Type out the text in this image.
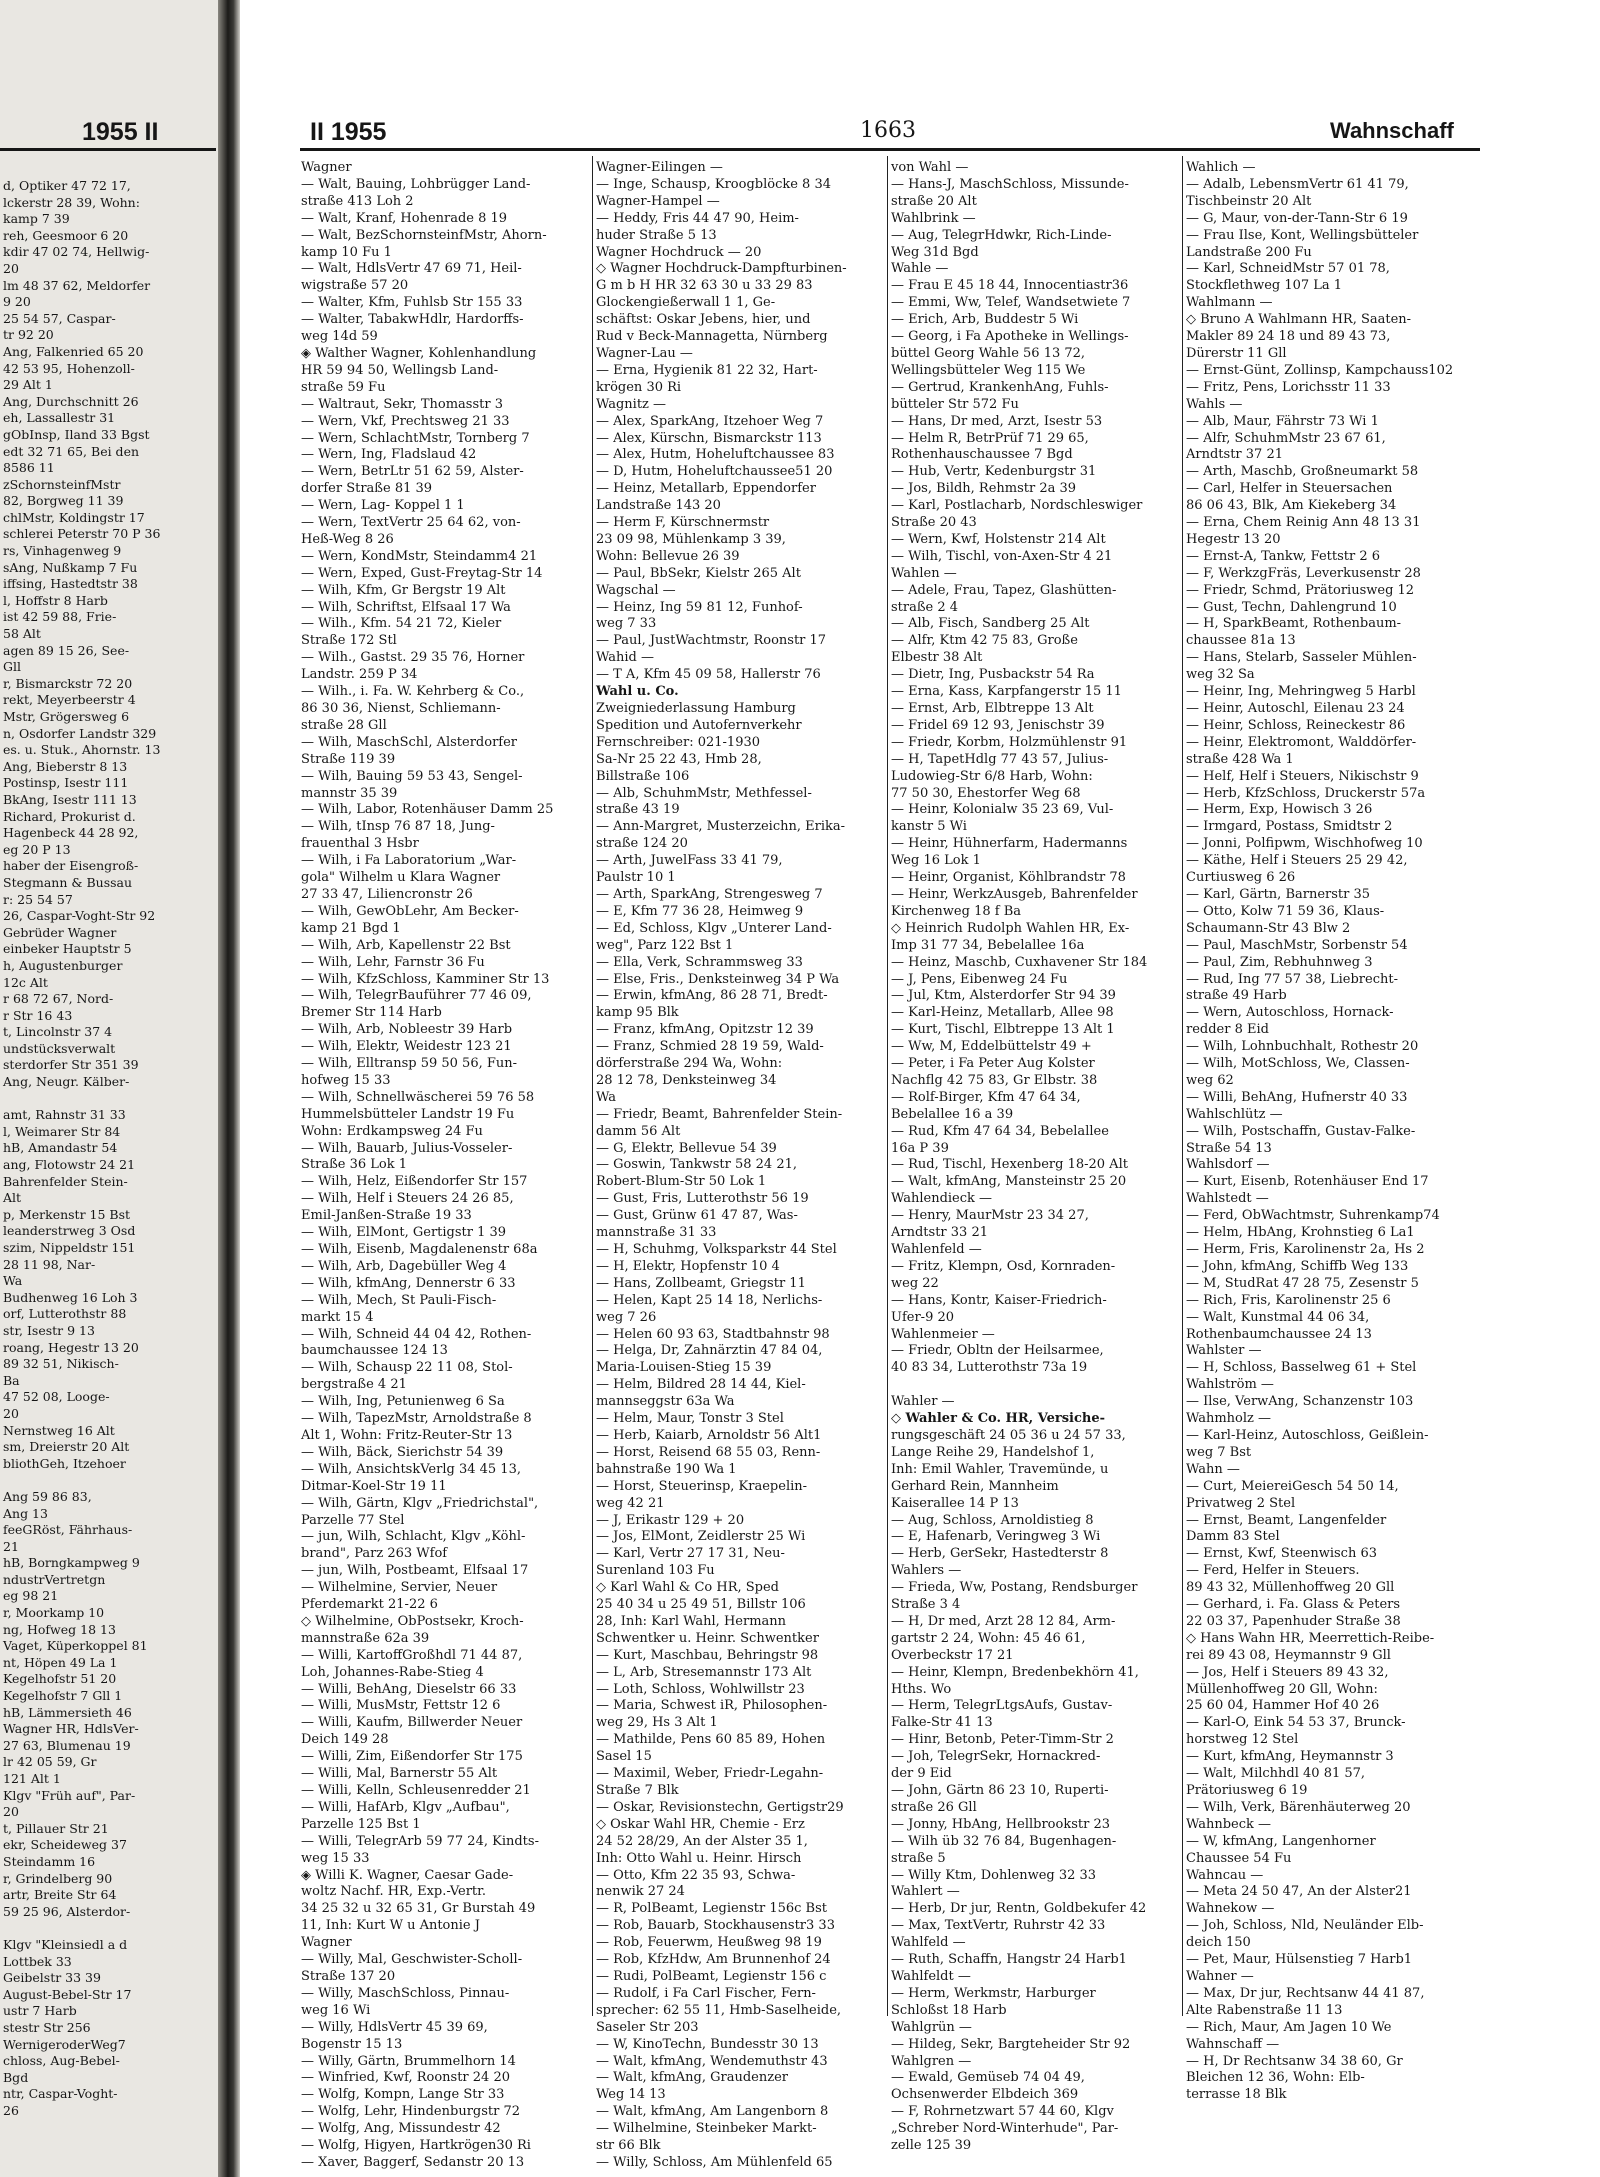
1955 II
d, Optiker 47 72 17,
lckerstr 28 39, Wohn:
kamp 7 39
reh, Geesmoor 6 20
kdir 47 02 74, Hellwig-
20
lm 48 37 62, Meldorfer
9 20
25 54 57, Caspar-
tr 92 20
Ang, Falkenried 65 20
42 53 95, Hohenzoll-
29 Alt 1
Ang, Durchschnitt 26
eh, Lassallestr 31
gObInsp, Iland 33 Bgst
edt 32 71 65, Bei den
8586 11
zSchornsteinfMstr
82, Borgweg 11 39
chlMstr, Koldingstr 17
schlerei Peterstr 70 P 36
rs, Vinhagenweg 9
sAng, Nußkamp 7 Fu
iffsing, Hastedtstr 38
l, Hoffstr 8 Harb
ist 42 59 88, Frie-
58 Alt
agen 89 15 26, See-
Gll
r, Bismarckstr 72 20
rekt, Meyerbeerstr 4
Mstr, Grögersweg 6
n, Osdorfer Landstr 329
es. u. Stuk., Ahornstr. 13
Ang, Bieberstr 8 13
Postinsp, Isestr 111
BkAng, Isestr 111 13
Richard, Prokurist d.
Hagenbeck 44 28 92,
eg 20 P 13
haber der Eisengroß-
Stegmann & Bussau
r: 25 54 57
26, Caspar-Voght-Str 92
Gebrüder Wagner
einbeker Hauptstr 5
h, Augustenburger
12c Alt
r 68 72 67, Nord-
r Str 16 43
t, Lincolnstr 37 4
undstücksverwalt
sterdorfer Str 351 39
Ang, Neugr. Kälber-

amt, Rahnstr 31 33
l, Weimarer Str 84
hB, Amandastr 54
ang, Flotowstr 24 21
Bahrenfelder Stein-
Alt
p, Merkenstr 15 Bst
leanderstrweg 3 Osd
szim, Nippeldstr 151
28 11 98, Nar-
Wa
Budhenweg 16 Loh 3
orf, Lutterothstr 88
str, Isestr 9 13
roang, Hegestr 13 20
89 32 51, Nikisch-
Ba
47 52 08, Looge-
20
Nernstweg 16 Alt
sm, Dreierstr 20 Alt
bliothGeh, Itzehoer

Ang 59 86 83,
Ang 13
feeGRöst, Fährhaus-
21
hB, Borngkampweg 9
ndustrVertretgn
eg 98 21
r, Moorkamp 10
ng, Hofweg 18 13
Vaget, Küperkoppel 81
nt, Höpen 49 La 1
Kegelhofstr 51 20
Kegelhofstr 7 Gll 1
hB, Lämmersieth 46
Wagner HR, HdlsVer-
27 63, Blumenau 19
lr 42 05 59, Gr
121 Alt 1
Klgv "Früh auf", Par-
20
t, Pillauer Str 21
ekr, Scheideweg 37
Steindamm 16
r, Grindelberg 90
artr, Breite Str 64
59 25 96, Alsterdor-

Klgv "Kleinsiedl a d
Lottbek 33
Geibelstr 33 39
August-Bebel-Str 17
ustr 7 Harb
stestr Str 256
WernigeroderWeg7
chloss, Aug-Bebel-
Bgd
ntr, Caspar-Voght-
26
II 1955	1663	Wahnschaff
Wagner
— Walt, Bauing, Lohbrügger Land-
straße 413 Loh 2
— Walt, Kranf, Hohenrade 8 19
— Walt, BezSchornsteinfMstr, Ahorn-
kamp 10 Fu 1
— Walt, HdlsVertr 47 69 71, Heil-
wigstraße 57 20
— Walter, Kfm, Fuhlsb Str 155 33
— Walter, TabakwHdlr, Hardorffs-
weg 14d 59
◈ Walther Wagner, Kohlenhandlung
HR 59 94 50, Wellingsb Land-
straße 59 Fu
— Waltraut, Sekr, Thomasstr 3
— Wern, Vkf, Prechtsweg 21 33
— Wern, SchlachtMstr, Tornberg 7
— Wern, Ing, Fladslaud 42
— Wern, BetrLtr 51 62 59, Alster-
dorfer Straße 81 39
— Wern, Lag- Koppel 1 1
— Wern, TextVertr 25 64 62, von-
Heß-Weg 8 26
— Wern, KondMstr, Steindamm4 21
— Wern, Exped, Gust-Freytag-Str 14
— Wilh, Kfm, Gr Bergstr 19 Alt
— Wilh, Schriftst, Elfsaal 17 Wa
— Wilh., Kfm. 54 21 72, Kieler
Straße 172 Stl
— Wilh., Gastst. 29 35 76, Horner
Landstr. 259 P 34
— Wilh., i. Fa. W. Kehrberg & Co.,
86 30 36, Nienst, Schliemann-
straße 28 Gll
— Wilh, MaschSchl, Alsterdorfer
Straße 119 39
— Wilh, Bauing 59 53 43, Sengel-
mannstr 35 39
— Wilh, Labor, Rotenhäuser Damm 25
— Wilh, tInsp 76 87 18, Jung-
frauenthal 3 Hsbr
— Wilh, i Fa Laboratorium „War-
gola" Wilhelm u Klara Wagner
27 33 47, Liliencronstr 26
— Wilh, GewObLehr, Am Becker-
kamp 21 Bgd 1
— Wilh, Arb, Kapellenstr 22 Bst
— Wilh, Lehr, Farnstr 36 Fu
— Wilh, KfzSchloss, Kamminer Str 13
— Wilh, TelegrBauführer 77 46 09,
Bremer Str 114 Harb
— Wilh, Arb, Nobleestr 39 Harb
— Wilh, Elektr, Weidestr 123 21
— Wilh, Elltransp 59 50 56, Fun-
hofweg 15 33
— Wilh, Schnellwäscherei 59 76 58
Hummelsbütteler Landstr 19 Fu
Wohn: Erdkampsweg 24 Fu
— Wilh, Bauarb, Julius-Vosseler-
Straße 36 Lok 1
— Wilh, Helz, Eißendorfer Str 157
— Wilh, Helf i Steuers 24 26 85,
Emil-Janßen-Straße 19 33
— Wilh, ElMont, Gertigstr 1 39
— Wilh, Eisenb, Magdalenenstr 68a
— Wilh, Arb, Dagebüller Weg 4
— Wilh, kfmAng, Dennerstr 6 33
— Wilh, Mech, St Pauli-Fisch-
markt 15 4
— Wilh, Schneid 44 04 42, Rothen-
baumchaussee 124 13
— Wilh, Schausp 22 11 08, Stol-
bergstraße 4 21
— Wilh, Ing, Petunienweg 6 Sa
— Wilh, TapezMstr, Arnoldstraße 8
Alt 1, Wohn: Fritz-Reuter-Str 13
— Wilh, Bäck, Sierichstr 54 39
— Wilh, AnsichtskVerlg 34 45 13,
Ditmar-Koel-Str 19 11
— Wilh, Gärtn, Klgv „Friedrichstal",
Parzelle 77 Stel
— jun, Wilh, Schlacht, Klgv „Köhl-
brand", Parz 263 Wfof
— jun, Wilh, Postbeamt, Elfsaal 17
— Wilhelmine, Servier, Neuer
Pferdemarkt 21-22 6
◇ Wilhelmine, ObPostsekr, Kroch-
mannstraße 62a 39
— Willi, KartoffGroßhdl 71 44 87,
Loh, Johannes-Rabe-Stieg 4
— Willi, BehAng, Dieselstr 66 33
— Willi, MusMstr, Fettstr 12 6
— Willi, Kaufm, Billwerder Neuer
Deich 149 28
— Willi, Zim, Eißendorfer Str 175
— Willi, Mal, Barnerstr 55 Alt
— Willi, Kelln, Schleusenredder 21
— Willi, HafArb, Klgv „Aufbau",
Parzelle 125 Bst 1
— Willi, TelegrArb 59 77 24, Kindts-
weg 15 33
◈ Willi K. Wagner, Caesar Gade-
woltz Nachf. HR, Exp.-Vertr.
34 25 32 u 32 65 31, Gr Burstah 49
11, Inh: Kurt W u Antonie J
Wagner
— Willy, Mal, Geschwister-Scholl-
Straße 137 20
— Willy, MaschSchloss, Pinnau-
weg 16 Wi
— Willy, HdlsVertr 45 39 69,
Bogenstr 15 13
— Willy, Gärtn, Brummelhorn 14
— Winfried, Kwf, Roonstr 24 20
— Wolfg, Kompn, Lange Str 33
— Wolfg, Lehr, Hindenburgstr 72
— Wolfg, Ang, Missundestr 42
— Wolfg, Higyen, Hartkrögen30 Ri
— Xaver, Baggerf, Sedanstr 20 13
Wagner-Eilingen —
— Inge, Schausp, Kroogblöcke 8 34
Wagner-Hampel —
— Heddy, Fris 44 47 90, Heim-
huder Straße 5 13
Wagner Hochdruck — 20
◇ Wagner Hochdruck-Dampfturbinen-
G m b H HR 32 63 30 u 33 29 83
Glockengießerwall 1 1, Ge-
schäftst: Oskar Jebens, hier, und
Rud v Beck-Mannagetta, Nürnberg
Wagner-Lau —
— Erna, Hygienik 81 22 32, Hart-
krögen 30 Ri
Wagnitz —
— Alex, SparkAng, Itzehoer Weg 7
— Alex, Kürschn, Bismarckstr 113
— Alex, Hutm, Hoheluftchaussee 83
— D, Hutm, Hoheluftchaussee51 20
— Heinz, Metallarb, Eppendorfer
Landstraße 143 20
— Herm F, Kürschnermstr
23 09 98, Mühlenkamp 3 39,
Wohn: Bellevue 26 39
— Paul, BbSekr, Kielstr 265 Alt
Wagschal —
— Heinz, Ing 59 81 12, Funhof-
weg 7 33
— Paul, JustWachtmstr, Roonstr 17
Wahid —
— T A, Kfm 45 09 58, Hallerstr 76
Wahl u. Co.
Zweigniederlassung Hamburg
Spedition und Autofernverkehr
Fernschreiber: 021-1930
Sa-Nr 25 22 43, Hmb 28,
Billstraße 106
— Alb, SchuhmMstr, Methfessel-
straße 43 19
— Ann-Margret, Musterzeichn, Erika-
straße 124 20
— Arth, JuwelFass 33 41 79,
Paulstr 10 1
— Arth, SparkAng, Strengesweg 7
— E, Kfm 77 36 28, Heimweg 9
— Ed, Schloss, Klgv „Unterer Land-
weg", Parz 122 Bst 1
— Ella, Verk, Schrammsweg 33
— Else, Fris., Denksteinweg 34 P Wa
— Erwin, kfmAng, 86 28 71, Bredt-
kamp 95 Blk
— Franz, kfmAng, Opitzstr 12 39
— Franz, Schmied 28 19 59, Wald-
dörferstraße 294 Wa, Wohn:
28 12 78, Denksteinweg 34
Wa
— Friedr, Beamt, Bahrenfelder Stein-
damm 56 Alt
— G, Elektr, Bellevue 54 39
— Goswin, Tankwstr 58 24 21,
Robert-Blum-Str 50 Lok 1
— Gust, Fris, Lutterothstr 56 19
— Gust, Grünw 61 47 87, Was-
mannstraße 31 33
— H, Schuhmg, Volksparkstr 44 Stel
— H, Elektr, Hopfenstr 10 4
— Hans, Zollbeamt, Griegstr 11
— Helen, Kapt 25 14 18, Nerlichs-
weg 7 26
— Helen 60 93 63, Stadtbahnstr 98
— Helga, Dr, Zahnärztin 47 84 04,
Maria-Louisen-Stieg 15 39
— Helm, Bildred 28 14 44, Kiel-
mannseggstr 63a Wa
— Helm, Maur, Tonstr 3 Stel
— Herb, Kaiarb, Arnoldstr 56 Alt1
— Horst, Reisend 68 55 03, Renn-
bahnstraße 190 Wa 1
— Horst, Steuerinsp, Kraepelin-
weg 42 21
— J, Erikastr 129 + 20
— Jos, ElMont, Zeidlerstr 25 Wi
— Karl, Vertr 27 17 31, Neu-
Surenland 103 Fu
◇ Karl Wahl & Co HR, Sped
25 40 34 u 25 49 51, Billstr 106
28, Inh: Karl Wahl, Hermann
Schwentker u. Heinr. Schwentker
— Kurt, Maschbau, Behringstr 98
— L, Arb, Stresemannstr 173 Alt
— Loth, Schloss, Wohlwillstr 23
— Maria, Schwest iR, Philosophen-
weg 29, Hs 3 Alt 1
— Mathilde, Pens 60 85 89, Hohen
Sasel 15
— Maximil, Weber, Friedr-Legahn-
Straße 7 Blk
— Oskar, Revisionstechn, Gertigstr29
◇ Oskar Wahl HR, Chemie - Erz
24 52 28/29, An der Alster 35 1,
Inh: Otto Wahl u. Heinr. Hirsch
— Otto, Kfm 22 35 93, Schwa-
nenwik 27 24
— R, PolBeamt, Legienstr 156c Bst
— Rob, Bauarb, Stockhausenstr3 33
— Rob, Feuerwm, Heußweg 98 19
— Rob, KfzHdw, Am Brunnenhof 24
— Rudi, PolBeamt, Legienstr 156 c
— Rudolf, i Fa Carl Fischer, Fern-
sprecher: 62 55 11, Hmb-Saselheide,
Saseler Str 203
— W, KinoTechn, Bundesstr 30 13
— Walt, kfmAng, Wendemuthstr 43
— Walt, kfmAng, Graudenzer
Weg 14 13
— Walt, kfmAng, Am Langenborn 8
— Wilhelmine, Steinbeker Markt-
str 66 Blk
— Willy, Schloss, Am Mühlenfeld 65
von Wahl —
— Hans-J, MaschSchloss, Missunde-
straße 20 Alt
Wahlbrink —
— Aug, TelegrHdwkr, Rich-Linde-
Weg 31d Bgd
Wahle —
— Frau E 45 18 44, Innocentiastr36
— Emmi, Ww, Telef, Wandsetwiete 7
— Erich, Arb, Buddestr 5 Wi
— Georg, i Fa Apotheke in Wellings-
büttel Georg Wahle 56 13 72,
Wellingsbütteler Weg 115 We
— Gertrud, KrankenhAng, Fuhls-
bütteler Str 572 Fu
— Hans, Dr med, Arzt, Isestr 53
— Helm R, BetrPrüf 71 29 65,
Rothenhauschaussee 7 Bgd
— Hub, Vertr, Kedenburgstr 31
— Jos, Bildh, Rehmstr 2a 39
— Karl, Postlacharb, Nordschleswiger
Straße 20 43
— Wern, Kwf, Holstenstr 214 Alt
— Wilh, Tischl, von-Axen-Str 4 21
Wahlen —
— Adele, Frau, Tapez, Glashütten-
straße 2 4
— Alb, Fisch, Sandberg 25 Alt
— Alfr, Ktm 42 75 83, Große
Elbestr 38 Alt
— Dietr, Ing, Pusbackstr 54 Ra
— Erna, Kass, Karpfangerstr 15 11
— Ernst, Arb, Elbtreppe 13 Alt
— Fridel 69 12 93, Jenischstr 39
— Friedr, Korbm, Holzmühlenstr 91
— H, TapetHdlg 77 43 57, Julius-
Ludowieg-Str 6/8 Harb, Wohn:
77 50 30, Ehestorfer Weg 68
— Heinr, Kolonialw 35 23 69, Vul-
kanstr 5 Wi
— Heinr, Hühnerfarm, Hadermanns
Weg 16 Lok 1
— Heinr, Organist, Köhlbrandstr 78
— Heinr, WerkzAusgeb, Bahrenfelder
Kirchenweg 18 f Ba
◇ Heinrich Rudolph Wahlen HR, Ex-
Imp 31 77 34, Bebelallee 16a
— Heinz, Maschb, Cuxhavener Str 184
— J, Pens, Eibenweg 24 Fu
— Jul, Ktm, Alsterdorfer Str 94 39
— Karl-Heinz, Metallarb, Allee 98
— Kurt, Tischl, Elbtreppe 13 Alt 1
— Ww, M, Eddelbüttelstr 49 +
— Peter, i Fa Peter Aug Kolster
Nachflg 42 75 83, Gr Elbstr. 38
— Rolf-Birger, Kfm 47 64 34,
Bebelallee 16 a 39
— Rud, Kfm 47 64 34, Bebelallee
16a P 39
— Rud, Tischl, Hexenberg 18-20 Alt
— Walt, kfmAng, Mansteinstr 25 20
Wahlendieck —
— Henry, MaurMstr 23 34 27,
Arndtstr 33 21
Wahlenfeld —
— Fritz, Klempn, Osd, Kornraden-
weg 22
— Hans, Kontr, Kaiser-Friedrich-
Ufer-9 20
Wahlenmeier —
— Friedr, Obltn der Heilsarmee,
40 83 34, Lutterothstr 73a 19

Wahler —
◇ Wahler & Co. HR, Versiche-
rungsgeschäft 24 05 36 u 24 57 33,
Lange Reihe 29, Handelshof 1,
Inh: Emil Wahler, Travemünde, u
Gerhard Rein, Mannheim
Kaiserallee 14 P 13
— Aug, Schloss, Arnoldistieg 8
— E, Hafenarb, Veringweg 3 Wi
— Herb, GerSekr, Hastedterstr 8
Wahlers —
— Frieda, Ww, Postang, Rendsburger
Straße 3 4
— H, Dr med, Arzt 28 12 84, Arm-
gartstr 2 24, Wohn: 45 46 61,
Overbeckstr 17 21
— Heinr, Klempn, Bredenbekhörn 41,
Hths. Wo
— Herm, TelegrLtgsAufs, Gustav-
Falke-Str 41 13
— Hinr, Betonb, Peter-Timm-Str 2
— Joh, TelegrSekr, Hornackred-
der 9 Eid
— John, Gärtn 86 23 10, Ruperti-
straße 26 Gll
— Jonny, HbAng, Hellbrookstr 23
— Wilh üb 32 76 84, Bugenhagen-
straße 5
— Willy Ktm, Dohlenweg 32 33
Wahlert —
— Herb, Dr jur, Rentn, Goldbekufer 42
— Max, TextVertr, Ruhrstr 42 33
Wahlfeld —
— Ruth, Schaffn, Hangstr 24 Harb1
Wahlfeldt —
— Herm, Werkmstr, Harburger
Schloßst 18 Harb
Wahlgrün —
— Hildeg, Sekr, Bargteheider Str 92
Wahlgren —
— Ewald, Gemüseb 74 04 49,
Ochsenwerder Elbdeich 369
— F, Rohrnetzwart 57 44 60, Klgv
„Schreber Nord-Winterhude", Par-
zelle 125 39
Wahlich —
— Adalb, LebensmVertr 61 41 79,
Tischbeinstr 20 Alt
— G, Maur, von-der-Tann-Str 6 19
— Frau Ilse, Kont, Wellingsbütteler
Landstraße 200 Fu
— Karl, SchneidMstr 57 01 78,
Stockflethweg 107 La 1
Wahlmann —
◇ Bruno A Wahlmann HR, Saaten-
Makler 89 24 18 und 89 43 73,
Dürerstr 11 Gll
— Ernst-Günt, Zollinsp, Kampchauss102
— Fritz, Pens, Lorichsstr 11 33
Wahls —
— Alb, Maur, Fährstr 73 Wi 1
— Alfr, SchuhmMstr 23 67 61,
Arndtstr 37 21
— Arth, Maschb, Großneumarkt 58
— Carl, Helfer in Steuersachen
86 06 43, Blk, Am Kiekeberg 34
— Erna, Chem Reinig Ann 48 13 31
Hegestr 13 20
— Ernst-A, Tankw, Fettstr 2 6
— F, WerkzgFräs, Leverkusenstr 28
— Friedr, Schmd, Prätoriusweg 12
— Gust, Techn, Dahlengrund 10
— H, SparkBeamt, Rothenbaum-
chaussee 81a 13
— Hans, Stelarb, Sasseler Mühlen-
weg 32 Sa
— Heinr, Ing, Mehringweg 5 Harbl
— Heinr, Autoschl, Eilenau 23 24
— Heinr, Schloss, Reineckestr 86
— Heinr, Elektromont, Walddörfer-
straße 428 Wa 1
— Helf, Helf i Steuers, Nikischstr 9
— Herb, KfzSchloss, Druckerstr 57a
— Herm, Exp, Howisch 3 26
— Irmgard, Postass, Smidtstr 2
— Jonni, Polfipwm, Wischhofweg 10
— Käthe, Helf i Steuers 25 29 42,
Curtiusweg 6 26
— Karl, Gärtn, Barnerstr 35
— Otto, Kolw 71 59 36, Klaus-
Schaumann-Str 43 Blw 2
— Paul, MaschMstr, Sorbenstr 54
— Paul, Zim, Rebhuhnweg 3
— Rud, Ing 77 57 38, Liebrecht-
straße 49 Harb
— Wern, Autoschloss, Hornack-
redder 8 Eid
— Wilh, Lohnbuchhalt, Rothestr 20
— Wilh, MotSchloss, We, Classen-
weg 62
— Willi, BehAng, Hufnerstr 40 33
Wahlschlütz —
— Wilh, Postschaffn, Gustav-Falke-
Straße 54 13
Wahlsdorf —
— Kurt, Eisenb, Rotenhäuser End 17
Wahlstedt —
— Ferd, ObWachtmstr, Suhrenkamp74
— Helm, HbAng, Krohnstieg 6 La1
— Herm, Fris, Karolinenstr 2a, Hs 2
— John, kfmAng, Schiffb Weg 133
— M, StudRat 47 28 75, Zesenstr 5
— Rich, Fris, Karolinenstr 25 6
— Walt, Kunstmal 44 06 34,
Rothenbaumchaussee 24 13
Wahlster —
— H, Schloss, Basselweg 61 + Stel
Wahlström —
— Ilse, VerwAng, Schanzenstr 103
Wahmholz —
— Karl-Heinz, Autoschloss, Geißlein-
weg 7 Bst
Wahn —
— Curt, MeiereiGesch 54 50 14,
Privatweg 2 Stel
— Ernst, Beamt, Langenfelder
Damm 83 Stel
— Ernst, Kwf, Steenwisch 63
— Ferd, Helfer in Steuers.
89 43 32, Müllenhoffweg 20 Gll
— Gerhard, i. Fa. Glass & Peters
22 03 37, Papenhuder Straße 38
◇ Hans Wahn HR, Meerrettich-Reibe-
rei 89 43 08, Heymannstr 9 Gll
— Jos, Helf i Steuers 89 43 32,
Müllenhoffweg 20 Gll, Wohn:
25 60 04, Hammer Hof 40 26
— Karl-O, Eink 54 53 37, Brunck-
horstweg 12 Stel
— Kurt, kfmAng, Heymannstr 3
— Walt, Milchhdl 40 81 57,
Prätoriusweg 6 19
— Wilh, Verk, Bärenhäuterweg 20
Wahnbeck —
— W, kfmAng, Langenhorner
Chaussee 54 Fu
Wahncau —
— Meta 24 50 47, An der Alster21
Wahnekow —
— Joh, Schloss, Nld, Neuländer Elb-
deich 150
— Pet, Maur, Hülsenstieg 7 Harb1
Wahner —
— Max, Dr jur, Rechtsanw 44 41 87,
Alte Rabenstraße 11 13
— Rich, Maur, Am Jagen 10 We
Wahnschaff —
— H, Dr Rechtsanw 34 38 60, Gr
Bleichen 12 36, Wohn: Elb-
terrasse 18 Blk
